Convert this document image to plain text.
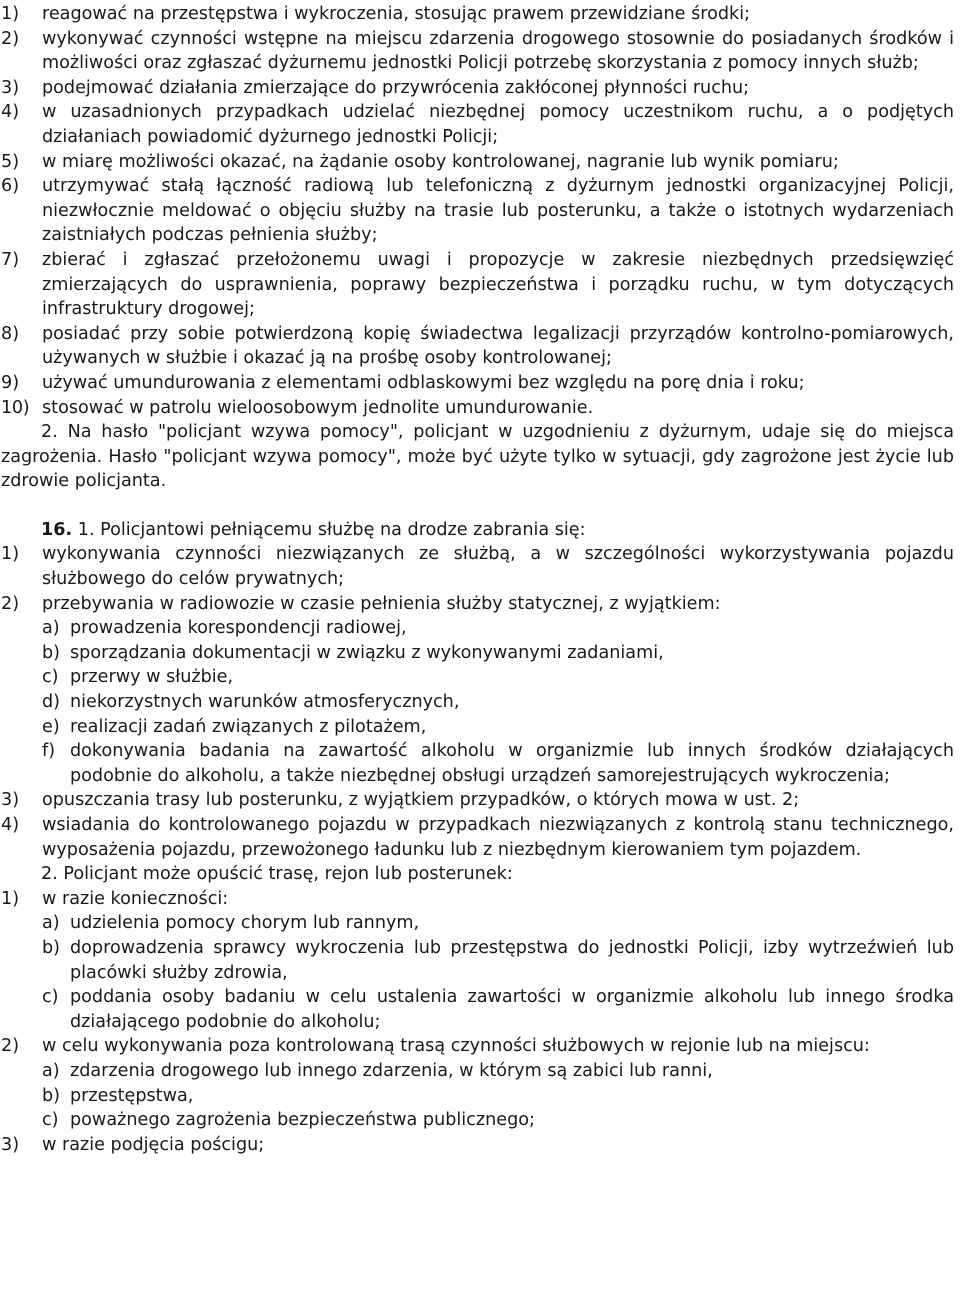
1)	reagować na przestępstwa i wykroczenia, stosując prawem przewidziane środki;
2)	wykonywać czynności wstępne na miejscu zdarzenia drogowego stosownie do posiadanych środków i możliwości oraz zgłaszać dyżurnemu jednostki Policji potrzebę skorzystania z pomocy innych służb;
3)	podejmować działania zmierzające do przywrócenia zakłóconej płynności ruchu;
4)	w uzasadnionych przypadkach udzielać niezbędnej pomocy uczestnikom ruchu, a o podjętych działaniach powiadomić dyżurnego jednostki Policji;
5)	w miarę możliwości okazać, na żądanie osoby kontrolowanej, nagranie lub wynik pomiaru;
6)	utrzymywać stałą łączność radiową lub telefoniczną z dyżurnym jednostki organizacyjnej Policji, niezwłocznie meldować o objęciu służby na trasie lub posterunku, a także o istotnych wydarzeniach zaistniałych podczas pełnienia służby;
7)	zbierać i zgłaszać przełożonemu uwagi i propozycje w zakresie niezbędnych przedsięwzięć zmierzających do usprawnienia, poprawy bezpieczeństwa i porządku ruchu, w tym dotyczących infrastruktury drogowej;
8)	posiadać przy sobie potwierdzoną kopię świadectwa legalizacji przyrządów kontrolno-pomiarowych, używanych w służbie i okazać ją na prośbę osoby kontrolowanej;
9)	używać umundurowania z elementami odblaskowymi bez względu na porę dnia i roku;
10) stosować w patrolu wieloosobowym jednolite umundurowanie.
2. Na hasło "policjant wzywa pomocy", policjant w uzgodnieniu z dyżurnym, udaje się do miejsca zagrożenia. Hasło "policjant wzywa pomocy", może być użyte tylko w sytuacji, gdy zagrożone jest życie lub zdrowie policjanta.
16. 1. Policjantowi pełniącemu służbę na drodze zabrania się:
1)	wykonywania czynności niezwiązanych ze służbą, a w szczególności wykorzystywania pojazdu służbowego do celów prywatnych;
2)	przebywania w radiowozie w czasie pełnienia służby statycznej, z wyjątkiem:
a) prowadzenia korespondencji radiowej,
b) sporządzania dokumentacji w związku z wykonywanymi zadaniami,
c) przerwy w służbie,
d) niekorzystnych warunków atmosferycznych,
e) realizacji zadań związanych z pilotażem,
f) dokonywania badania na zawartość alkoholu w organizmie lub innych środków działających podobnie do alkoholu, a także niezbędnej obsługi urządzeń samorejestrujących wykroczenia;
3)	opuszczania trasy lub posterunku, z wyjątkiem przypadków, o których mowa w ust. 2;
4)	wsiadania do kontrolowanego pojazdu w przypadkach niezwiązanych z kontrolą stanu technicznego, wyposażenia pojazdu, przewożonego ładunku lub z niezbędnym kierowaniem tym pojazdem.
2. Policjant może opuścić trasę, rejon lub posterunek:
1)	w razie konieczności:
a) udzielenia pomocy chorym lub rannym,
b) doprowadzenia sprawcy wykroczenia lub przestępstwa do jednostki Policji, izby wytrzeźwień lub placówki służby zdrowia,
c) poddania osoby badaniu w celu ustalenia zawartości w organizmie alkoholu lub innego środka działającego podobnie do alkoholu;
2)	w celu wykonywania poza kontrolowaną trasą czynności służbowych w rejonie lub na miejscu:
a) zdarzenia drogowego lub innego zdarzenia, w którym są zabici lub ranni,
b) przestępstwa,
c) poważnego zagrożenia bezpieczeństwa publicznego;
3)	w razie podjęcia pościgu;
